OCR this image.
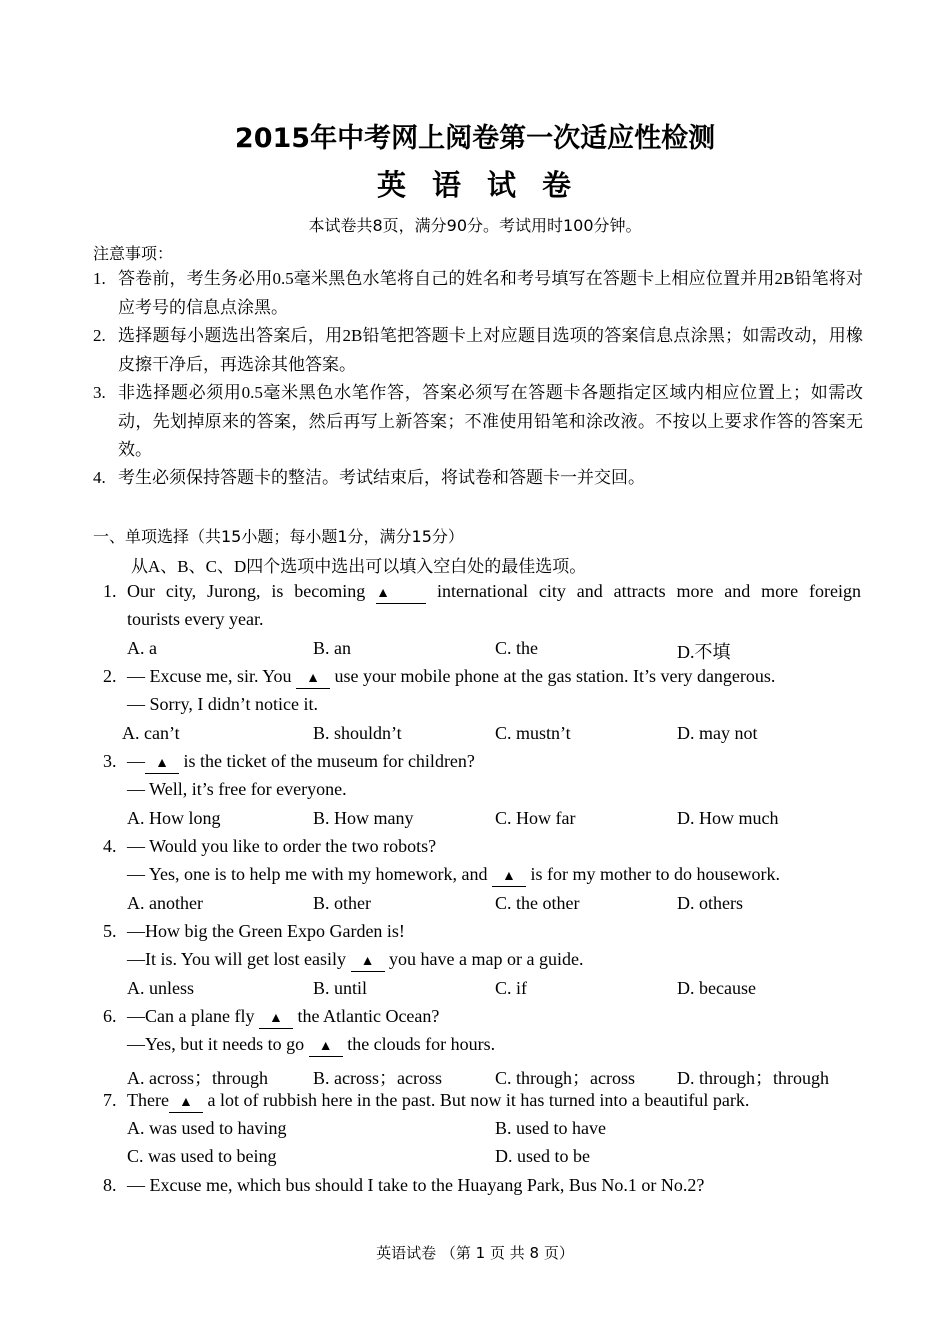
2015年中考网上阅卷第一次适应性检测
英 语 试 卷
本试卷共8页，满分90分。考试用时100分钟。
注意事项：
1. 答卷前，考生务必用0.5毫米黑色水笔将自己的姓名和考号填写在答题卡上相应位置并用2B铅笔将对应考号的信息点涂黑。
2. 选择题每小题选出答案后，用2B铅笔把答题卡上对应题目选项的答案信息点涂黑；如需改动，用橡皮擦干净后，再选涂其他答案。
3. 非选择题必须用0.5毫米黑色水笔作答，答案必须写在答题卡各题指定区域内相应位置上；如需改动，先划掉原来的答案，然后再写上新答案；不准使用铅笔和涂改液。不按以上要求作答的答案无效。
4. 考生必须保持答题卡的整洁。考试结束后，将试卷和答题卡一并交回。
一、单项选择（共15小题；每小题1分，满分15分）
从A、B、C、D四个选项中选出可以填入空白处的最佳选项。
1. Our city, Jurong, is becoming ▲	international city and attracts more and more foreign
tourists every year.
A. a	B. an	C. the	D.不填
2. — Excuse me, sir. You ▲ use your mobile phone at the gas station. It’s very dangerous.
— Sorry, I didn’t notice it.
A. can’t	B. shouldn’t	C. mustn’t	D. may not
3. — ▲ is the ticket of the museum for children?
— Well, it’s free for everyone.
A. How long	B. How many	C. How far	D. How much
4. — Would you like to order the two robots?
— Yes, one is to help me with my homework, and ▲ is for my mother to do housework.
A. another	B. other	C. the other	D. others
5. —How big the Green Expo Garden is!
—It is. You will get lost easily ▲ you have a map or a guide.
A. unless	B. until	C. if	D. because
6. —Can a plane fly ▲ the Atlantic Ocean?
—Yes, but it needs to go ▲ the clouds for hours.
A. across；through	B. across；across	C. through；across D. through；through
7. There ▲ a lot of rubbish here in the past. But now it has turned into a beautiful park.
A. was used to having	B. used to have
C. was used to being	D. used to be
8. — Excuse me, which bus should I take to the Huayang Park, Bus No.1 or No.2?
英语试卷 （第 1 页 共 8 页）
